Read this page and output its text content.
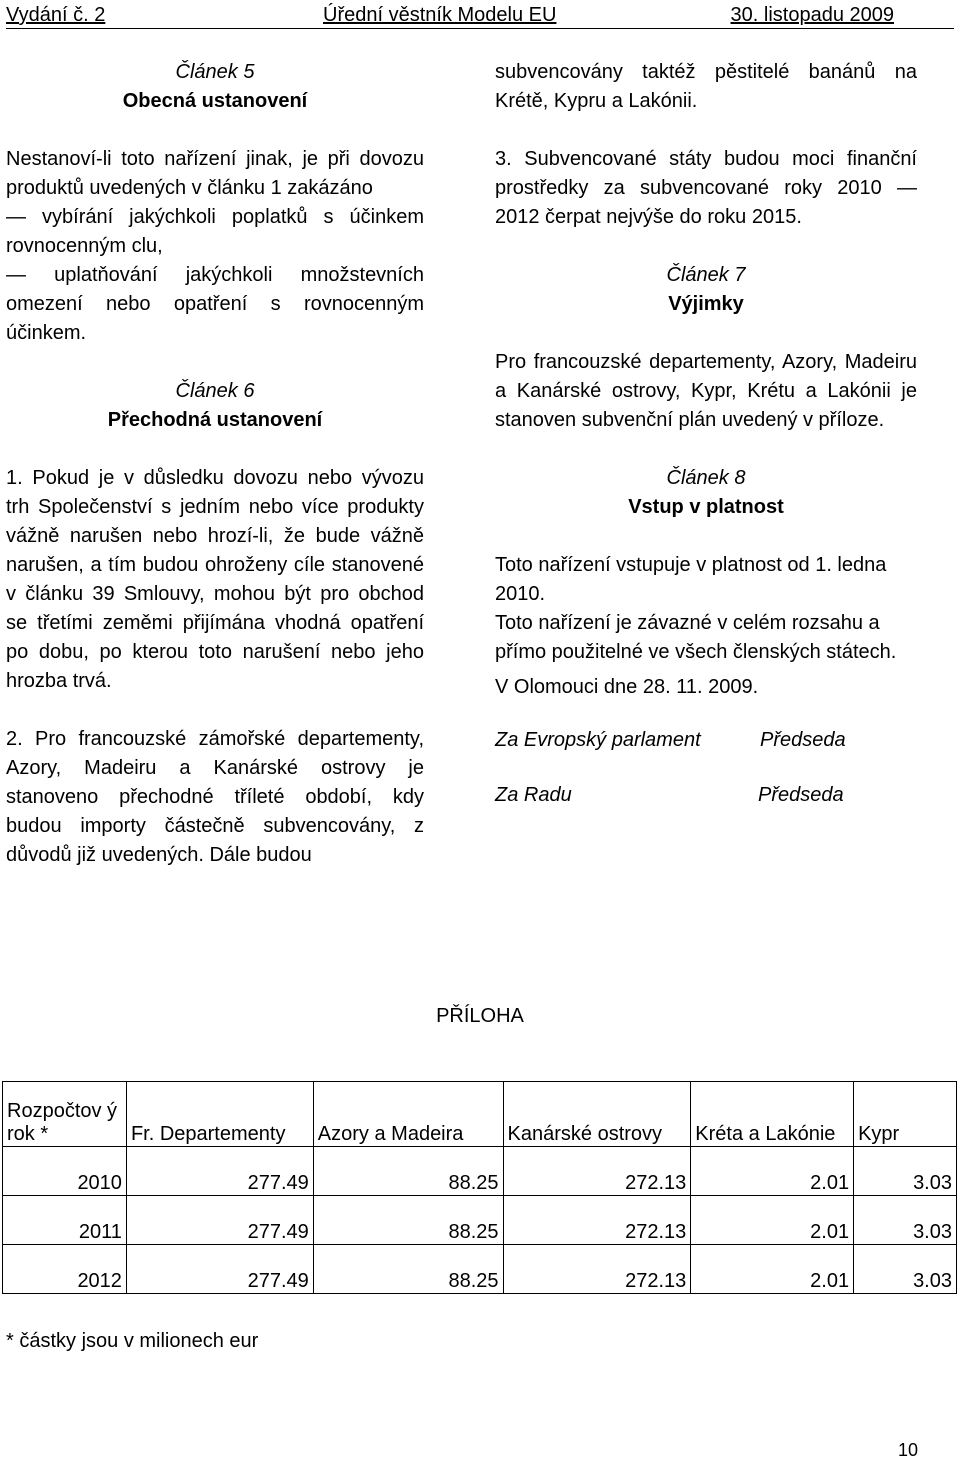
Vydání č. 2	Úřední věstník Modelu EU	30. listopadu 2009
Článek 5
Obecná ustanovení
Nestanoví-li toto nařízení jinak, je při dovozu produktů uvedených v článku 1 zakázáno
— vybírání jakýchkoli poplatků s účinkem rovnocenným clu,
— uplatňování jakýchkoli množstevních omezení nebo opatření s rovnocenným účinkem.
Článek 6
Přechodná ustanovení
1. Pokud je v důsledku dovozu nebo vývozu trh Společenství s jedním nebo více produkty vážně narušen nebo hrozí-li, že bude vážně narušen, a tím budou ohroženy cíle stanovené v článku 39 Smlouvy, mohou být pro obchod se třetími zeměmi přijímána vhodná opatření po dobu, po kterou toto narušení nebo jeho hrozba trvá.
2. Pro francouzské zámořské departementy, Azory, Madeiru a Kanárské ostrovy je stanoveno přechodné tříleté období, kdy budou importy částečně subvencovány, z důvodů již uvedených. Dále budou
subvencovány taktéž pěstitelé banánů na Krétě, Kypru a Lakónii.
3. Subvencované státy budou moci finanční prostředky za subvencované roky 2010 — 2012 čerpat nejvýše do roku 2015.
Článek 7
Výjimky
Pro francouzské departementy, Azory, Madeiru a Kanárské ostrovy, Kypr, Krétu a Lakónii je stanoven subvenční plán uvedený v příloze.
Článek 8
Vstup v platnost
Toto nařízení vstupuje v platnost od 1. ledna 2010.
Toto nařízení je závazné v celém rozsahu a přímo použitelné ve všech členských státech.
V Olomouci dne 28. 11. 2009.
Za Evropský parlament	Předseda
Za Radu	Předseda
PŘÍLOHA
Rozpočtov ý rok *	Fr. Departementy	Azory a Madeira	Kanárské ostrovy	Kréta a Lakónie	Kypr
2010	277.49	88.25	272.13	2.01	3.03
2011	277.49	88.25	272.13	2.01	3.03
2012	277.49	88.25	272.13	2.01	3.03
* částky jsou v milionech eur
10
